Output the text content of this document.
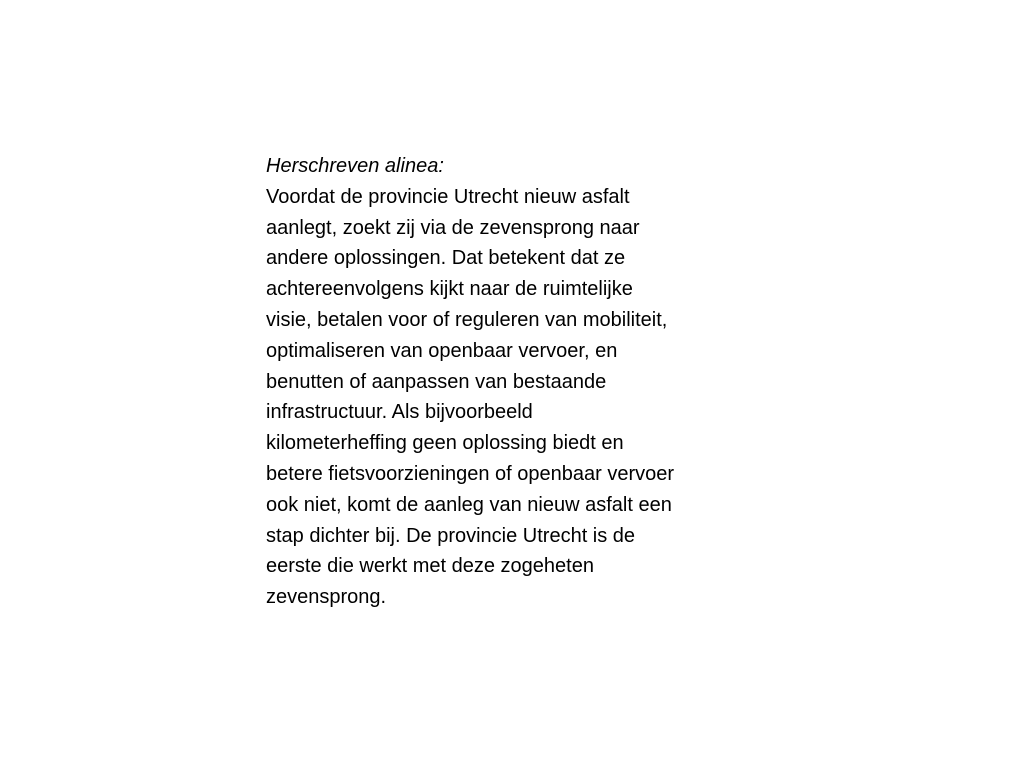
Herschreven alinea:
Voordat de provincie Utrecht nieuw asfalt
aanlegt, zoekt zij via de zevensprong naar
andere oplossingen. Dat betekent dat ze
achtereenvolgens kijkt naar de ruimtelijke
visie, betalen voor of reguleren van mobiliteit,
optimaliseren van openbaar vervoer, en
benutten of aanpassen van bestaande
infrastructuur. Als bijvoorbeeld
kilometerheffing geen oplossing biedt en
betere fietsvoorzieningen of openbaar vervoer
ook niet, komt de aanleg van nieuw asfalt een
stap dichter bij. De provincie Utrecht is de
eerste die werkt met deze zogeheten
zevensprong.
